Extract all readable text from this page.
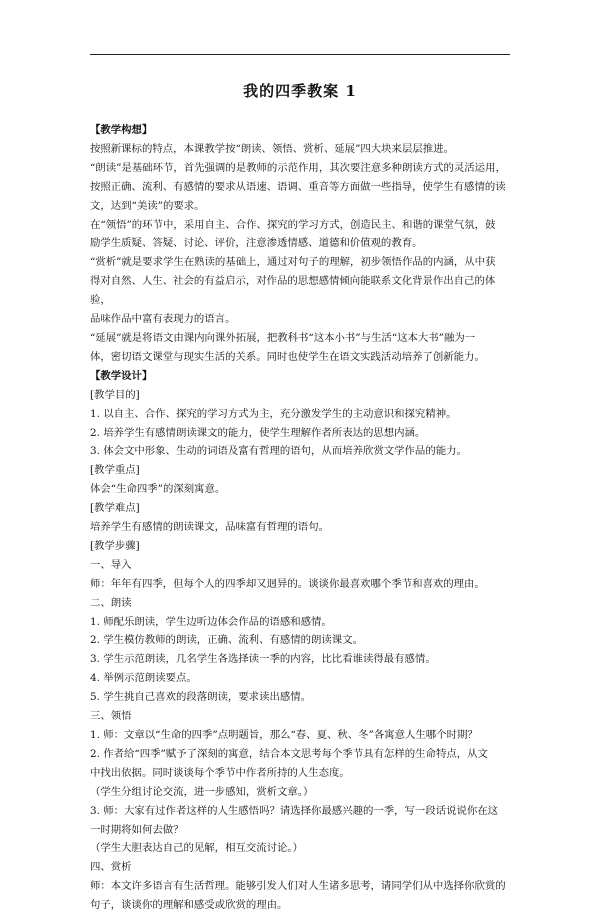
我的四季教案 1

【教学构想】

按照新课标的特点，本课教学按“朗读、领悟、赏析、延展”四大块来层层推进。

“朗读”是基础环节，首先强调的是教师的示范作用，其次要注意多种朗读方式的灵活运用，

按照正确、流利、有感情的要求从语速、语调、重音等方面做一些指导，使学生有感情的读

文，达到“美读”的要求。

在“领悟”的环节中，采用自主、合作、探究的学习方式，创造民主、和谐的课堂气氛，鼓

励学生质疑、答疑、讨论、评价，注意渗透情感、道德和价值观的教育。

“赏析”就是要求学生在熟读的基础上，通过对句子的理解，初步领悟作品的内涵，从中获

得对自然、人生、社会的有益启示，对作品的思想感情倾向能联系文化背景作出自己的体验，

品味作品中富有表现力的语言。

“延展”就是将语文由课内向课外拓展，把教科书“这本小书”与生活“这本大书”融为一

体，密切语文课堂与现实生活的关系。同时也使学生在语文实践活动培养了创新能力。

【教学设计】

[教学目的]

1. 以自主、合作、探究的学习方式为主，充分激发学生的主动意识和探究精神。

2. 培养学生有感情朗读课文的能力，使学生理解作者所表达的思想内涵。

3. 体会文中形象、生动的词语及富有哲理的语句，从而培养欣赏文学作品的能力。

[教学重点]

体会“生命四季”的深刻寓意。

[教学难点]

培养学生有感情的朗读课文，品味富有哲理的语句。

[教学步骤]

一、导入

师：年年有四季，但每个人的四季却又迥异的。谈谈你最喜欢哪个季节和喜欢的理由。

二、朗读

1. 师配乐朗读，学生边听边体会作品的语感和感情。

2. 学生模仿教师的朗读，正确、流利、有感情的朗读课文。

3. 学生示范朗读，几名学生各选择读一季的内容，比比看谁读得最有感情。

4. 举例示范朗读要点。

5. 学生挑自己喜欢的段落朗读，要求读出感情。

三、领悟

1. 师：文章以“生命的四季”点明题旨，那么“春、夏、秋、冬”各寓意人生哪个时期？

2. 作者给“四季”赋予了深刻的寓意，结合本文思考每个季节具有怎样的生命特点，从文

中找出依据。同时谈谈每个季节中作者所持的人生态度。

（学生分组讨论交流，进一步感知，赏析文章。）

3. 师：大家有过作者这样的人生感悟吗？请选择你最感兴趣的一季，写一段话说说你在这

一时期将如何去做？

（学生大胆表达自己的见解，相互交流讨论。）

四、赏析

师：本文许多语言有生活哲理。能够引发人们对人生诸多思考，请同学们从中选择你欣赏的

句子，谈谈你的理解和感受或欣赏的理由。
